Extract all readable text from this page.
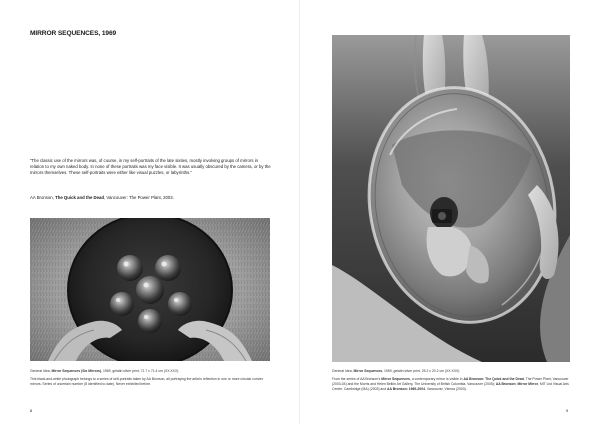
MIRROR SEQUENCES, 1969

“The classic use of the mirrors was, of course, in my self-portraits of the late sixties, mostly involving groups of mirrors in relation to my own naked body. In none of these portraits was my face visible. It was usually obscured by the camera, or by the mirrors themselves. These self-portraits were either like visual puzzles, or labyrinths.”

AA Bronson, The Quick and the Dead, Vancouver: The Power Plant, 2003.
General Idea, Mirror Sequences (Six Mirrors), 1969, gelatin silver print, 71.7 x 71.4 cm (XX.XXX)
This black-and-white photograph belongs to a series of self-portraits taken by AA Bronson, all portraying the artist's reflection in one or more circular convex mirrors. Series of uncertain number (8 identified to date). Never exhibited before.
8
General Idea, Mirror Sequences, 1969, gelatin silver print, 25.2 x 20.2 cm (XX.XXX)
From the series of AA Bronson's Mirror Sequences, a contemporary mirror is visible in AA Bronson: The Quick and the Dead, The Power Plant, Vancouver (2003-04) and the Morris and Helen Belkin Art Gallery, The University of British Columbia, Vancouver (2005); AA Bronson: Mirror Mirror, MIT List Visual Arts Center, Cambridge (MA) (2003) and AA Bronson: 1969-2004, Vancouver, Vienna (2003).
9
